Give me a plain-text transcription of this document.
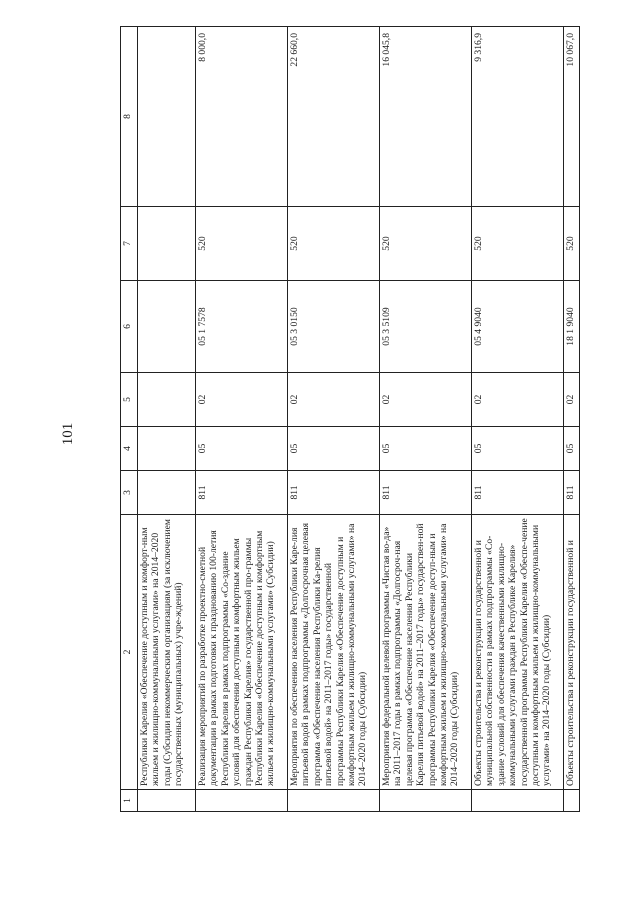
101
1	2	3	4	5	6	7	8
	Республики Карелия «Обеспечение доступным и комфорт-ным жильем и жилищно-коммунальными услугами» на 2014–2020 годы (Субсидии некоммерческим организациям (за исключением государственных (муниципальных) учре-ждений)						
	Реализация мероприятий по разработке проектно-сметной документации в рамках подготовки к празднованию 100-летия Республики Карелия в рамках подпрограммы «Со-здание условий для обеспечения доступным и комфортным жильем граждан Республики Карелия» государственной про-граммы Республики Карелия «Обеспечение доступным и комфортным жильем и жилищно-коммунальными услугами» (Субсидии)	811	05	02	05 1 7578	520	8 000,0
	Мероприятия по обеспечению населения Республики Каре-лия питьевой водой в рамках подпрограммы «Долгосрочная целевая программа «Обеспечение населения Республики Ка-релия питьевой водой» на 2011–2017 годы» государственной программы Республики Карелия «Обеспечение доступным и комфортным жильем и жилищно-коммунальными услугами» на 2014–2020 годы (Субсидии)	811	05	02	05 3 0150	520	22 660,0
	Мероприятия федеральной целевой программы «Чистая во-да» на 2011–2017 годы в рамках подпрограммы «Долгосроч-ная целевая программа «Обеспечение населения Республики Карелия питьевой водой» на 2011–2017 годы» государствен-ной программы Республики Карелия «Обеспечение доступ-ным и комфортным жильем и жилищно-коммунальными услугами» на 2014–2020 годы (Субсидии)	811	05	02	05 3 5109	520	16 045,8
	Объекты строительства и реконструкции государственной и муниципальной собственности в рамках подпрограммы «Со-здание условий для обеспечения качественными жилищно-коммунальными услугами граждан в Республике Карелия» государственной программы Республики Карелия «Обеспе-чение доступным и комфортным жильем и жилищно-коммунальными услугами» на 2014–2020 годы (Субсидии)	811	05	02	05 4 9040	520	9 316,9
	Объекты строительства и реконструкции государственной и	811	05	02	18 1 9040	520	10 067,0
